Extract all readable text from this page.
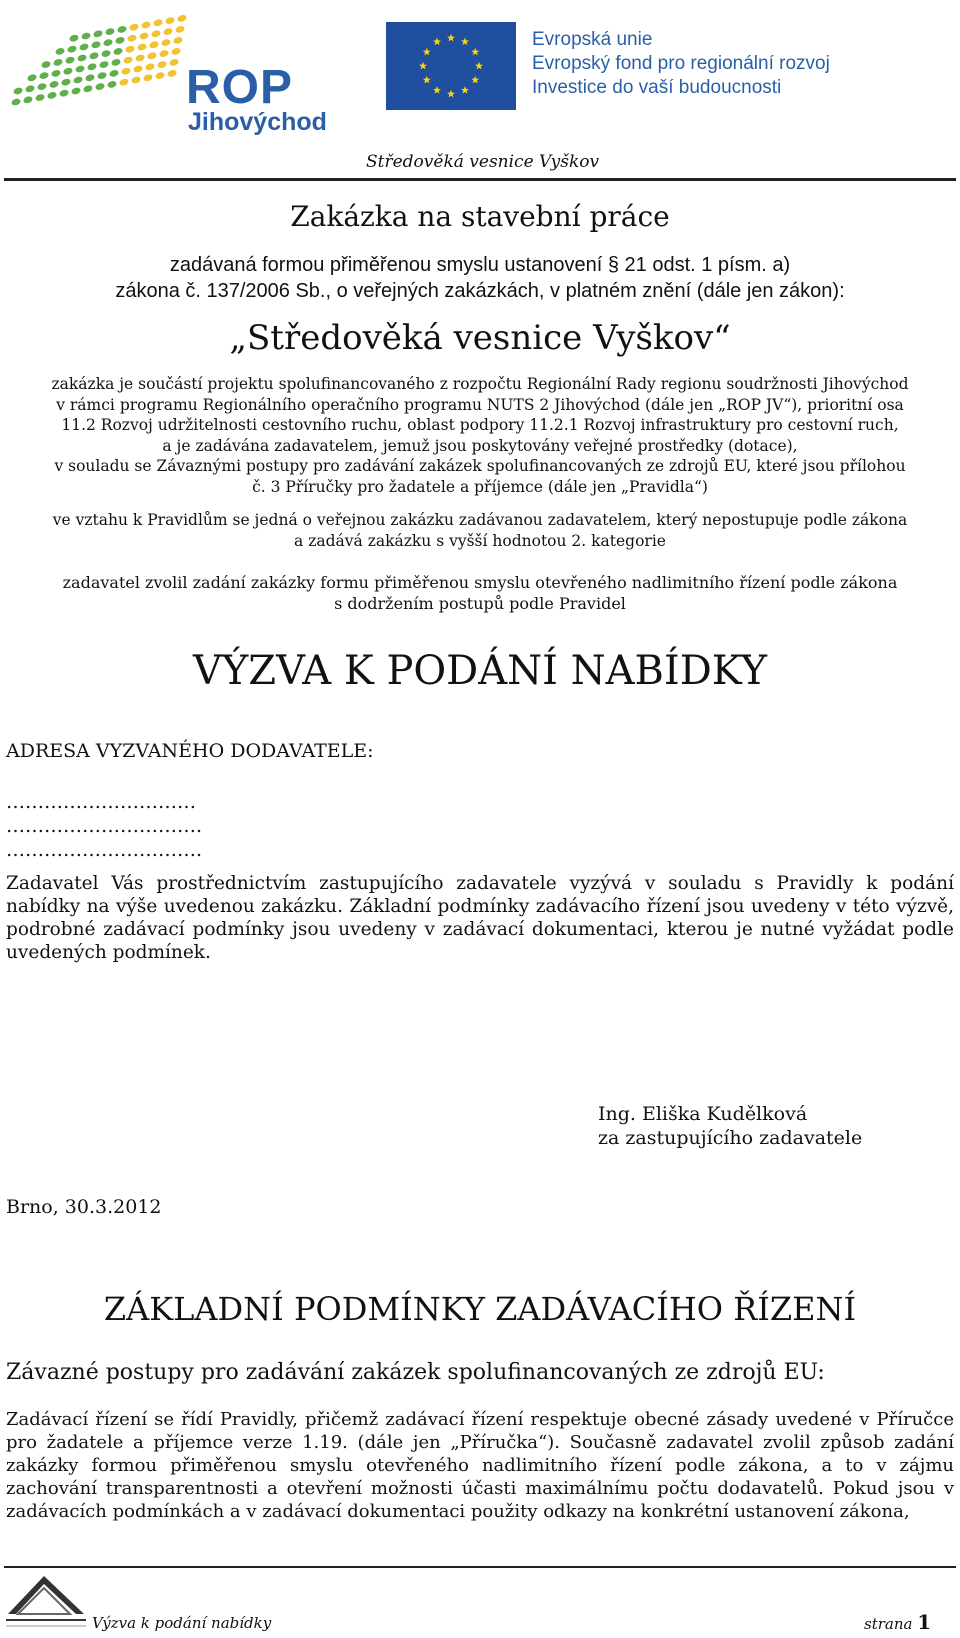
ROP
Jihovýchod
Evropská unie
Evropský fond pro regionální rozvoj
Investice do vaší budoucnosti
Středověká vesnice Vyškov
Zakázka na stavební práce
zadávaná formou přiměřenou smyslu ustanovení § 21 odst. 1 písm. a)
zákona č. 137/2006 Sb., o veřejných zakázkách, v platném znění (dále jen zákon):
„Středověká vesnice Vyškov“
zakázka je součástí projektu spolufinancovaného z rozpočtu Regionální Rady regionu soudržnosti Jihovýchod
v rámci programu Regionálního operačního programu NUTS 2 Jihovýchod (dále jen „ROP JV“), prioritní osa
11.2 Rozvoj udržitelnosti cestovního ruchu, oblast podpory 11.2.1 Rozvoj infrastruktury pro cestovní ruch,
a je zadávána zadavatelem, jemuž jsou poskytovány veřejné prostředky (dotace),
v souladu se Závaznými postupy pro zadávání zakázek spolufinancovaných ze zdrojů EU, které jsou přílohou
č. 3 Příručky pro žadatele a příjemce (dále jen „Pravidla“)
ve vztahu k Pravidlům se jedná o veřejnou zakázku zadávanou zadavatelem, který nepostupuje podle zákona
a zadává zakázku s vyšší hodnotou 2. kategorie
zadavatel zvolil zadání zakázky formu přiměřenou smyslu otevřeného nadlimitního řízení podle zákona
s dodržením postupů podle Pravidel
VÝZVA K PODÁNÍ NABÍDKY
ADRESA VYZVANÉHO DODAVATELE:
…………………………
………………………….
………………………….
Zadavatel Vás prostřednictvím zastupujícího zadavatele vyzývá v souladu s Pravidly k podání nabídky na výše uvedenou zakázku. Základní podmínky zadávacího řízení jsou uvedeny v této výzvě, podrobné zadávací podmínky jsou uvedeny v zadávací dokumentaci, kterou je nutné vyžádat podle uvedených podmínek.
Ing. Eliška Kudělková
za zastupujícího zadavatele
Brno, 30.3.2012
ZÁKLADNÍ PODMÍNKY ZADÁVACÍHO ŘÍZENÍ
Závazné postupy pro zadávání zakázek spolufinancovaných ze zdrojů EU:
Zadávací řízení se řídí Pravidly, přičemž zadávací řízení respektuje obecné zásady uvedené v Příručce pro žadatele a příjemce verze 1.19. (dále jen „Příručka“). Současně zadavatel zvolil způsob zadání zakázky formou přiměřenou smyslu otevřeného nadlimitního řízení podle zákona, a to v zájmu zachování transparentnosti a otevření možnosti účasti maximálnímu počtu dodavatelů. Pokud jsou v zadávacích podmínkách a v zadávací dokumentaci použity odkazy na konkrétní ustanovení zákona,
Výzva k podání nabídky	strana 1
